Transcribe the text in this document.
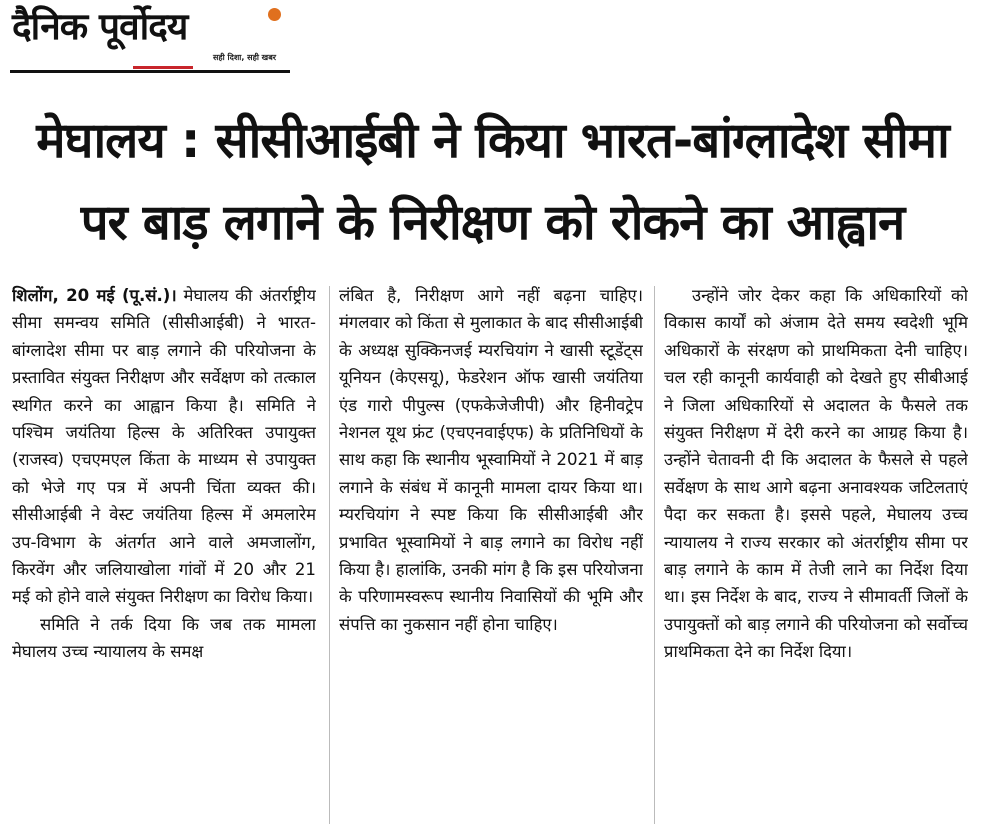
दैनिक पूर्वोदय
सही दिशा, सही खबर
मेघालय : सीसीआईबी ने किया भारत-बांग्लादेश सीमा
पर बाड़ लगाने के निरीक्षण को रोकने का आह्वान

शिलोंग, 20 मई (पू.सं.)। मेघालय की अंतर्राष्ट्रीय सीमा समन्वय समिति (सीसीआईबी) ने भारत-बांग्लादेश सीमा पर बाड़ लगाने की परियोजना के प्रस्तावित संयुक्त निरीक्षण और सर्वेक्षण को तत्काल स्थगित करने का आह्वान किया है। समिति ने पश्चिम जयंतिया हिल्स के अतिरिक्त उपायुक्त (राजस्व) एचएमएल किंता के माध्यम से उपायुक्त को भेजे गए पत्र में अपनी चिंता व्यक्त की। सीसीआईबी ने वेस्ट जयंतिया हिल्स में अमलारेम उप-विभाग के अंतर्गत आने वाले अमजालोंग, किरवेंग और जलियाखोला गांवों में 20 और 21 मई को होने वाले संयुक्त निरीक्षण का विरोध किया।

समिति ने तर्क दिया कि जब तक मामला मेघालय उच्च न्यायालय के समक्ष

लंबित है, निरीक्षण आगे नहीं बढ़ना चाहिए। मंगलवार को किंता से मुलाकात के बाद सीसीआईबी के अध्यक्ष सुक्किनजई म्यरचियांग ने खासी स्टूडेंट्स यूनियन (केएसयू), फेडरेशन ऑफ खासी जयंतिया एंड गारो पीपुल्स (एफकेजेजीपी) और हिनीवट्रेप नेशनल यूथ फ्रंट (एचएनवाईएफ) के प्रतिनिधियों के साथ कहा कि स्थानीय भूस्वामियों ने 2021 में बाड़ लगाने के संबंध में कानूनी मामला दायर किया था। म्यरचियांग ने स्पष्ट किया कि सीसीआईबी और प्रभावित भूस्वामियों ने बाड़ लगाने का विरोध नहीं किया है। हालांकि, उनकी मांग है कि इस परियोजना के परिणामस्वरूप स्थानीय निवासियों की भूमि और संपत्ति का नुकसान नहीं होना चाहिए।

उन्होंने जोर देकर कहा कि अधिकारियों को विकास कार्यों को अंजाम देते समय स्वदेशी भूमि अधिकारों के संरक्षण को प्राथमिकता देनी चाहिए। चल रही कानूनी कार्यवाही को देखते हुए सीबीआई ने जिला अधिकारियों से अदालत के फैसले तक संयुक्त निरीक्षण में देरी करने का आग्रह किया है। उन्होंने चेतावनी दी कि अदालत के फैसले से पहले सर्वेक्षण के साथ आगे बढ़ना अनावश्यक जटिलताएं पैदा कर सकता है। इससे पहले, मेघालय उच्च न्यायालय ने राज्य सरकार को अंतर्राष्ट्रीय सीमा पर बाड़ लगाने के काम में तेजी लाने का निर्देश दिया था। इस निर्देश के बाद, राज्य ने सीमावर्ती जिलों के उपायुक्तों को बाड़ लगाने की परियोजना को सर्वोच्च प्राथमिकता देने का निर्देश दिया।
